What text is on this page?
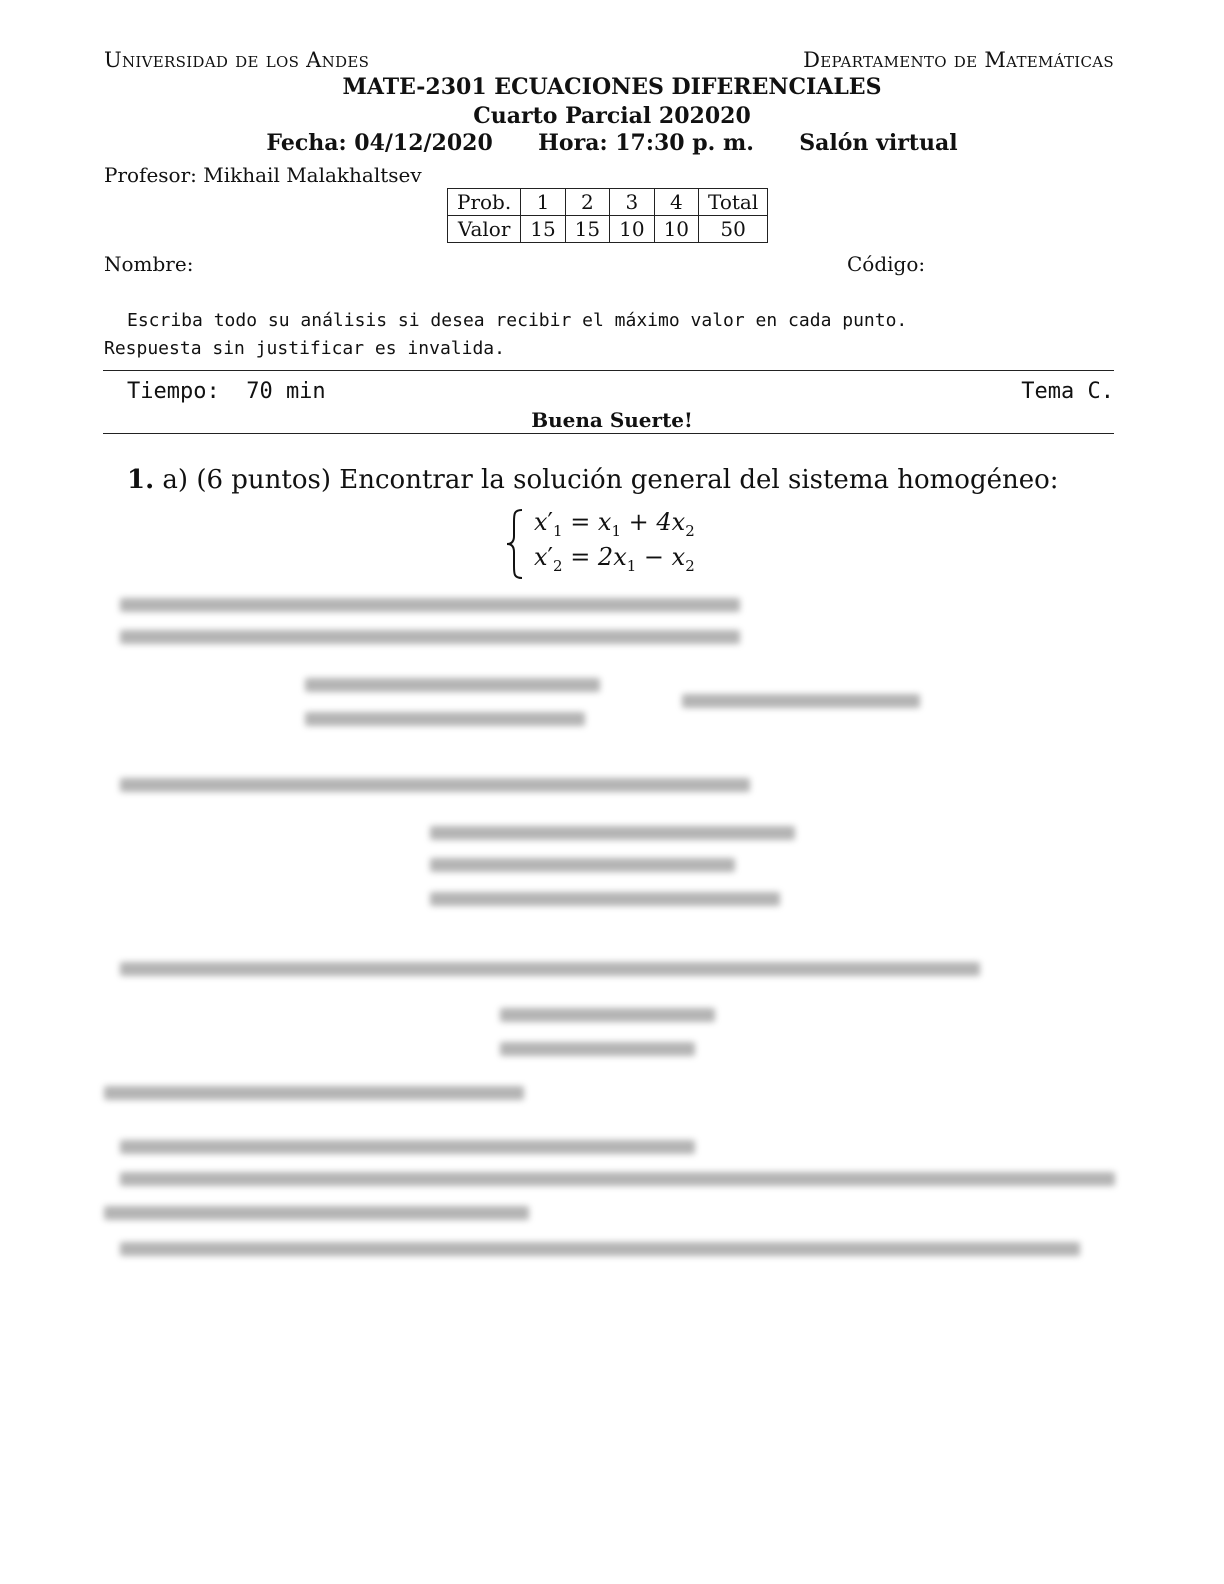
Universidad de los Andes	Departamento de Matemáticas
MATE-2301 ECUACIONES DIFERENCIALES
Cuarto Parcial 202020
Fecha: 04/12/2020 Hora: 17:30 p. m. Salón virtual
Profesor: Mikhail Malakhaltsev
Prob.	1	2	3	4	Total
Valor	15	15	10	10	50
Nombre:	Código:
Escriba todo su análisis si desea recibir el máximo valor en cada punto.
Respuesta sin justificar es invalida.
Tiempo:  70 min	Tema C.
Buena Suerte!
1. a) (6 puntos) Encontrar la solución general del sistema homogéneo:
$x'_1 = x_1 + 4x_2$
$x'_2 = 2x_1 - x_2$
